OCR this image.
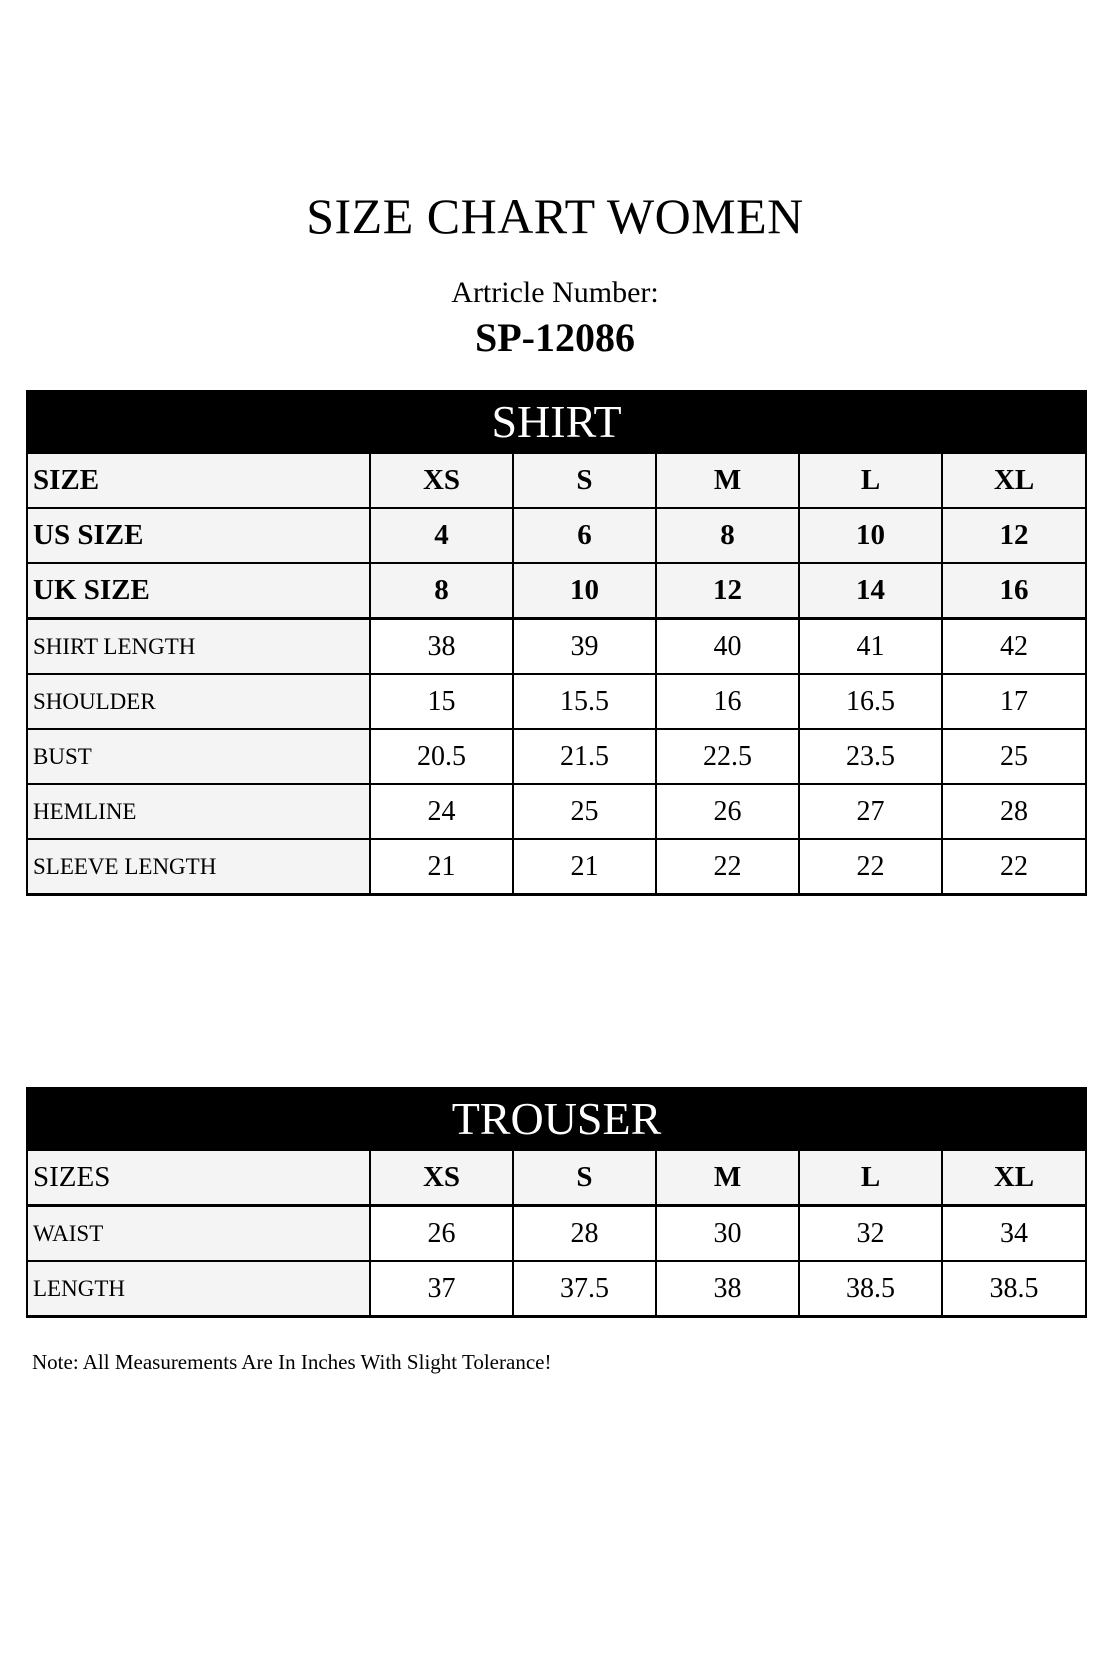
SIZE CHART WOMEN
Artricle Number:
SP-12086
SHIRT					
SIZE	XS	S	M	L	XL
US SIZE	4	6	8	10	12
UK SIZE	8	10	12	14	16
SHIRT LENGTH	38	39	40	41	42
SHOULDER	15	15.5	16	16.5	17
BUST	20.5	21.5	22.5	23.5	25
HEMLINE	24	25	26	27	28
SLEEVE LENGTH	21	21	22	22	22
TROUSER					
SIZES	XS	S	M	L	XL
WAIST	26	28	30	32	34
LENGTH	37	37.5	38	38.5	38.5
Note: All Measurements Are In Inches With Slight Tolerance!
